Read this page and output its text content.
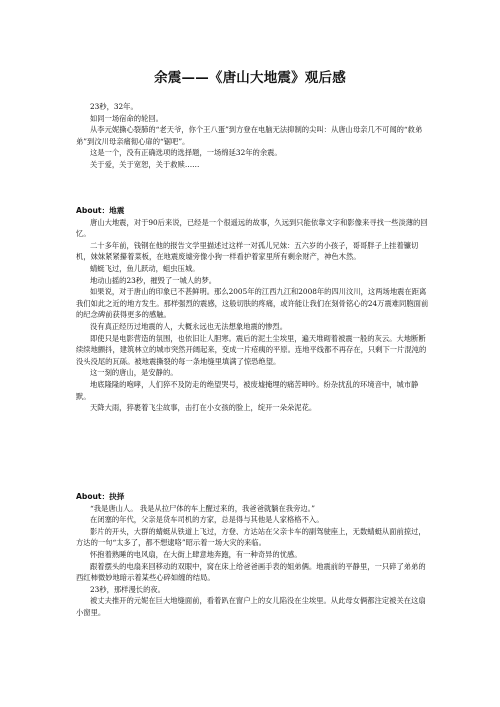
余震——《唐山大地震》观后感

23秒，32年。

如同一场宿命的轮回。

从李元妮撕心裂肺的“老天爷，你个王八蛋”到方登在电脑无法抑制的尖叫：从唐山母亲几不可闻的“救弟弟”到汶川母亲痛彻心扉的“锯吧”。

这是一个，没有正确选项的选择题，一场绵延32年的余震。

关于爱，关于宽恕，关于救赎……

About：地震

唐山大地震，对于90后来说，已经是一个很遥远的故事，久远到只能依靠文字和影像来寻找一些淡薄的回忆。

二十多年前，钱钢在他的报告文学里描述过这样一对孤儿兄妹：五六岁的小孩子，哥哥胖子上挂着镰切机，妹妹紧紧攥着菜板，在地震废墟旁像小狗一样看护着家里所有剩余财产，神色木然。

蜻蜓飞过，鱼儿跃动，蛆虫压城。

地动山摇的23秒，摧毁了一城人的梦。

如果说，对于唐山的印象已不甚鲜明。那么2005年的江西九江和2008年的四川汶川，这两场地震在距离我们如此之近的地方发生。那样强烈的震感，这般切肤的疼痛，或许能让我们在刻骨铭心的24万震难同胞面前的纪念碑前获得更多的感触。

没有真正经历过地震的人，大概永远也无法想象地震的惨烈。

即使只是电影营造的氛围，也依旧让人胆寒。震后的泥土尘埃里，遍天堆砌着被震一般的灰云。大地断断续续地颤抖，建筑林立的城市突然开阔起来，变成一片疮痍的平原。连地平线都不再存在，只剩下一片混沌的没头没尾的瓦砾。被地震撕裂的每一条地缝里填满了惊恐绝望。

这一刻的唐山，是安静的。

地底隆隆的咆哮，人们猝不及防走的绝望哭号，被废墟掩埋的痛苦呻吟。纷杂扰乱的环境音中，城市静默。

天降大雨，猝裹着飞尘故事，击打在小女孩的脸上，绽开一朵朵泥花。

About：抉择

“我是唐山人。 我是从拉尸体的车上醒过来的，我爸爸就躺在我旁边。”

在闭塞的年代，父亲是货车司机的方家，总是得与其他是人家格格不入。

影片的开头，大群的蜻蜓从铁道上飞过，方登、方达站在父亲卡车的副驾驶座上，无数蜻蜓从面前掠过，方达的一句“太多了，都不想逮咯”昭示着一场大灾的来临。

怀抱着熟睡的电风扇，在大街上肆意地奔跑，有一种奇异的忧感。

跟着摆头的电扇来回移动的双眼中，窝在床上给爸爸画手表的姐弟俩。地震前的平静里，一只碎了弟弟的西红柿微妙地暗示着某些心碎如缠的结局。

23秒，那样漫长的夜。

被丈夫推开的元妮在巨大地缝面前，看着趴在窗户上的女儿陷没在尘埃里。从此母女俩都注定被关在这扇小窗里。
